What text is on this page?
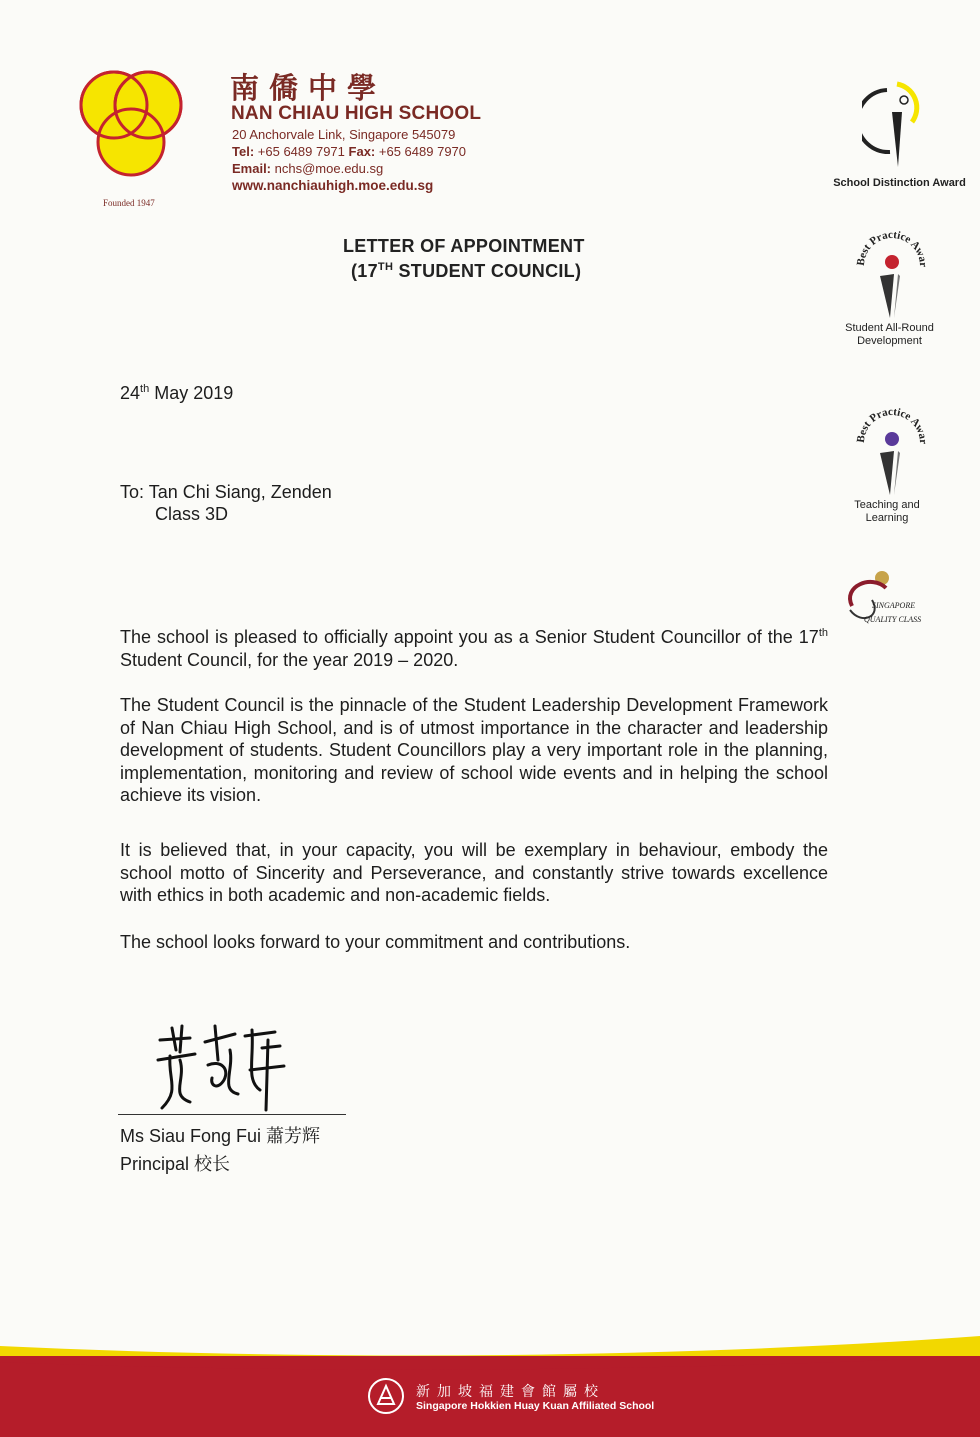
Founded 1947
南僑中學
NAN CHIAU HIGH SCHOOL
20 Anchorvale Link, Singapore 545079
Tel: +65 6489 7971 Fax: +65 6489 7970
Email: nchs@moe.edu.sg
www.nanchiauhigh.moe.edu.sg	School Distinction Award
Best Practice Awar
Student All-Round
Development
Best Practice Awar
Teaching and
Learning
SINGAPORE
QUALITY CLASS
LETTER OF APPOINTMENT
(17TH STUDENT COUNCIL)
24th May 2019
To: Tan Chi Siang, Zenden
Class 3D
The school is pleased to officially appoint you as a Senior Student Councillor of the 17th Student Council, for the year 2019 – 2020.
The Student Council is the pinnacle of the Student Leadership Development Framework of Nan Chiau High School, and is of utmost importance in the character and leadership development of students. Student Councillors play a very important role in the planning, implementation, monitoring and review of school wide events and in helping the school achieve its vision.
It is believed that, in your capacity, you will be exemplary in behaviour, embody the school motto of Sincerity and Perseverance, and constantly strive towards excellence with ethics in both academic and non-academic fields.
The school looks forward to your commitment and contributions.
Ms Siau Fong Fui 蕭芳辉
Principal 校长
新加坡福建會館屬校
Singapore Hokkien Huay Kuan Affiliated School
